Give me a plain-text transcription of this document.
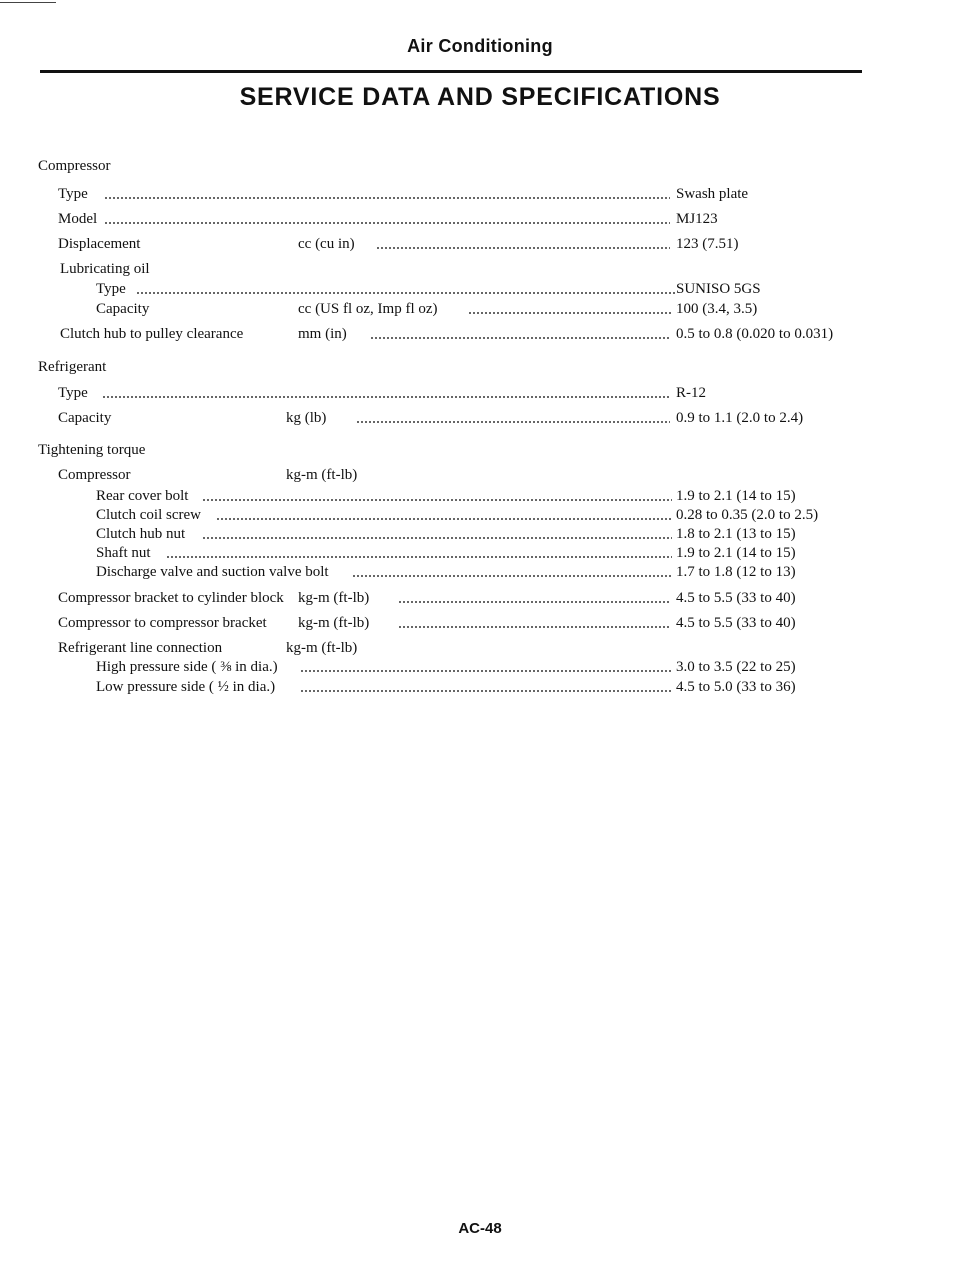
Air Conditioning
SERVICE DATA AND SPECIFICATIONS
Compressor
Type	Swash plate
Model	MJ123
Displacement	cc (cu in)	123 (7.51)
Lubricating oil
Type	SUNISO 5GS
Capacity	cc (US fl oz, Imp fl oz)	100 (3.4, 3.5)
Clutch hub to pulley clearance	mm (in)	0.5 to 0.8 (0.020 to 0.031)
Refrigerant
Type	R-12
Capacity	kg (lb)	0.9 to 1.1 (2.0 to 2.4)
Tightening torque
Compressor	kg-m (ft-lb)
Rear cover bolt	1.9 to 2.1 (14 to 15)
Clutch coil screw	0.28 to 0.35 (2.0 to 2.5)
Clutch hub nut	1.8 to 2.1 (13 to 15)
Shaft nut	1.9 to 2.1 (14 to 15)
Discharge valve and suction valve bolt	1.7 to 1.8 (12 to 13)
Compressor bracket to cylinder block kg-m (ft-lb)	4.5 to 5.5 (33 to 40)
Compressor to compressor bracket kg-m (ft-lb)	4.5 to 5.5 (33 to 40)
Refrigerant line connection	kg-m (ft-lb)
High pressure side ( ⅜ in dia.)	3.0 to 3.5 (22 to 25)
Low pressure side ( ½ in dia.)	4.5 to 5.0 (33 to 36)
AC-48
